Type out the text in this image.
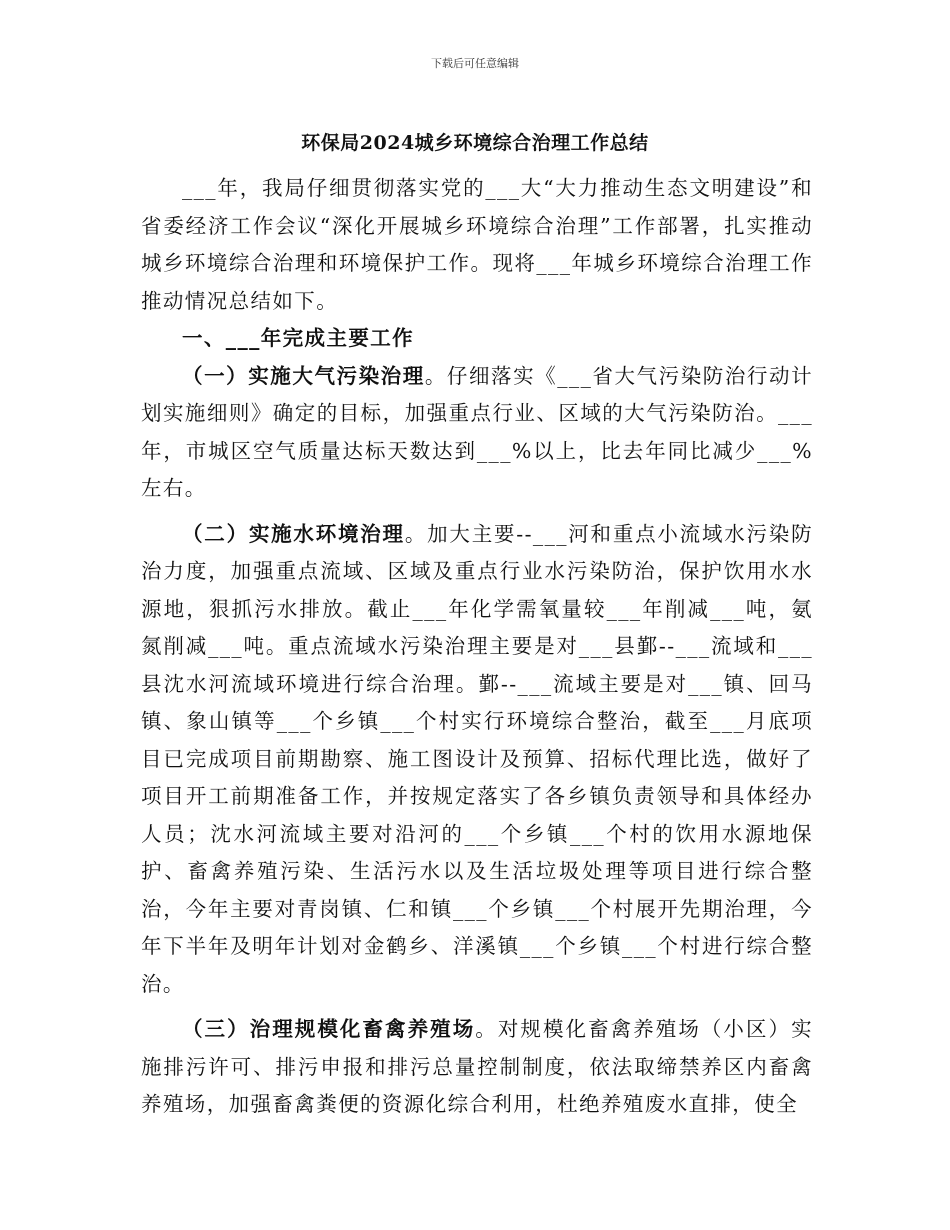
下载后可任意编辑
环保局2024城乡环境综合治理工作总结

___年，我局仔细贯彻落实党的___大“大力推动生态文明建设”和省委经济工作会议“深化开展城乡环境综合治理”工作部署，扎实推动城乡环境综合治理和环境保护工作。现将___年城乡环境综合治理工作推动情况总结如下。

一、___年完成主要工作

（一）实施大气污染治理。仔细落实《___省大气污染防治行动计划实施细则》确定的目标，加强重点行业、区域的大气污染防治。___年，市城区空气质量达标天数达到___%以上，比去年同比减少___%左右。

（二）实施水环境治理。加大主要--___河和重点小流域水污染防治力度，加强重点流域、区域及重点行业水污染防治，保护饮用水水源地，狠抓污水排放。截止___年化学需氧量较___年削减___吨，氨氮削减___吨。重点流域水污染治理主要是对___县鄞--___流域和___县沈水河流域环境进行综合治理。鄞--___流域主要是对___镇、回马镇、象山镇等___个乡镇___个村实行环境综合整治，截至___月底项目已完成项目前期勘察、施工图设计及预算、招标代理比选，做好了项目开工前期准备工作，并按规定落实了各乡镇负责领导和具体经办人员；沈水河流域主要对沿河的___个乡镇___个村的饮用水源地保护、畜禽养殖污染、生活污水以及生活垃圾处理等项目进行综合整治，今年主要对青岗镇、仁和镇___个乡镇___个村展开先期治理，今年下半年及明年计划对金鹤乡、洋溪镇___个乡镇___个村进行综合整治。

（三）治理规模化畜禽养殖场。对规模化畜禽养殖场（小区）实施排污许可、排污申报和排污总量控制制度，依法取缔禁养区内畜禽养殖场，加强畜禽粪便的资源化综合利用，杜绝养殖废水直排，使全
